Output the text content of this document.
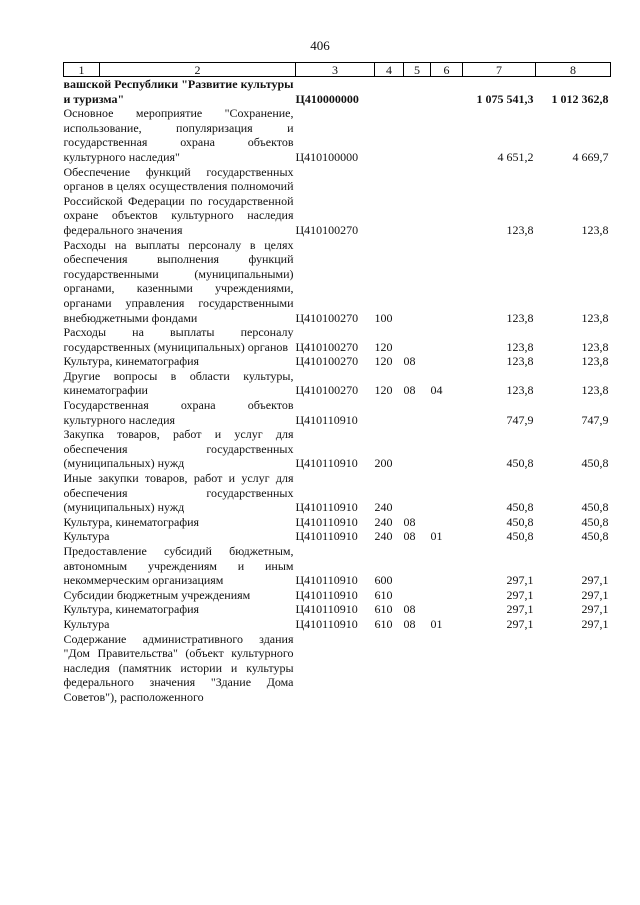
406
1	2	3	4	5	6	7	8
вашской Республики "Развитие культуры и туризма"		Ц410000000				1 075 541,3	1 012 362,8
Основное мероприятие "Сохранение, использование, популяризация и государственная охрана объектов культурного наследия"		Ц410100000				4 651,2	4 669,7
Обеспечение функций государственных органов в целях осуществления полномочий Российской Федерации по государственной охране объектов культурного наследия федерального значения		Ц410100270				123,8	123,8
Расходы на выплаты персоналу в целях обеспечения выполнения функций государственными (муниципальными) органами, казенными учреждениями, органами управления государственными внебюджетными фондами		Ц410100270	100			123,8	123,8
Расходы на выплаты персоналу государственных (муниципальных) органов		Ц410100270	120			123,8	123,8
Культура, кинематография		Ц410100270	120	08		123,8	123,8
Другие вопросы в области культуры, кинематографии		Ц410100270	120	08	04	123,8	123,8
Государственная охрана объектов культурного наследия		Ц410110910				747,9	747,9
Закупка товаров, работ и услуг для обеспечения государственных (муниципальных) нужд		Ц410110910	200			450,8	450,8
Иные закупки товаров, работ и услуг для обеспечения государственных (муниципальных) нужд		Ц410110910	240			450,8	450,8
Культура, кинематография		Ц410110910	240	08		450,8	450,8
Культура		Ц410110910	240	08	01	450,8	450,8
Предоставление субсидий бюджетным, автономным учреждениям и иным некоммерческим организациям		Ц410110910	600			297,1	297,1
Субсидии бюджетным учреждениям		Ц410110910	610			297,1	297,1
Культура, кинематография		Ц410110910	610	08		297,1	297,1
Культура		Ц410110910	610	08	01	297,1	297,1
Содержание административного здания "Дом Правительства" (объект культурного наследия (памятник истории и культуры федерального значения "Здание Дома Советов"), расположенного							
